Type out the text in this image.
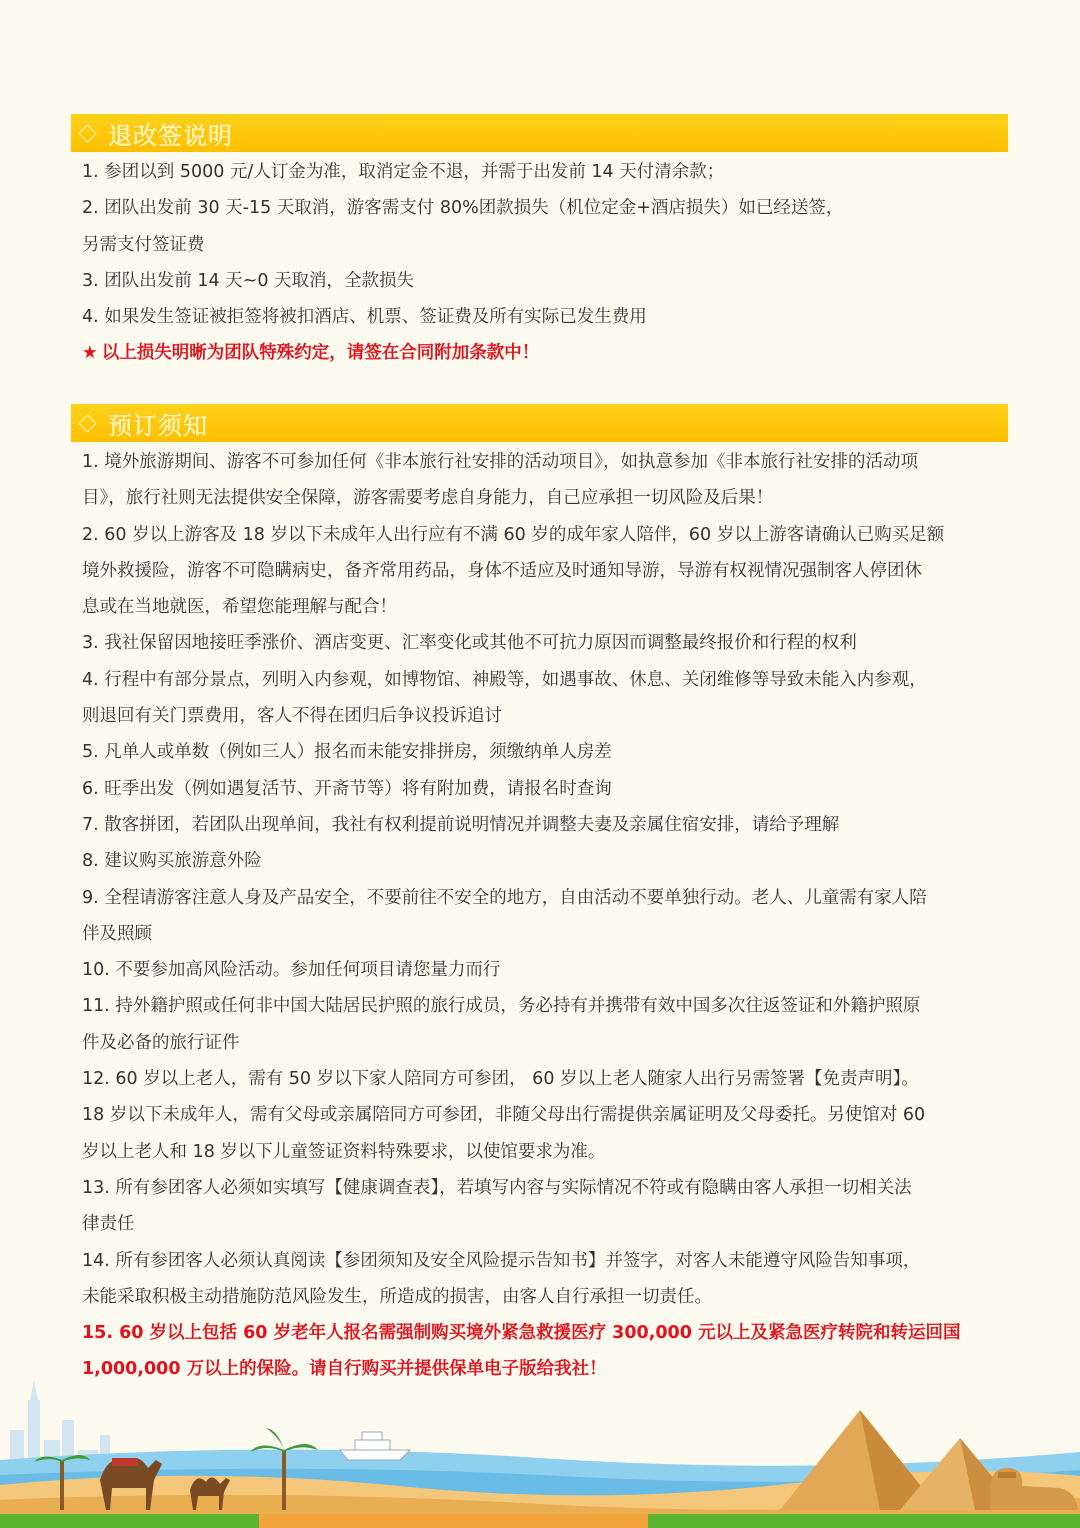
退改签说明
1. 参团以到 5000 元/人订金为准，取消定金不退，并需于出发前 14 天付清余款；
2. 团队出发前 30 天-15 天取消，游客需支付 80%团款损失（机位定金+酒店损失）如已经送签，
另需支付签证费
3. 团队出发前 14 天~0 天取消，全款损失
4. 如果发生签证被拒签将被扣酒店、机票、签证费及所有实际已发生费用
★ 以上损失明晰为团队特殊约定，请签在合同附加条款中！
预订须知
1. 境外旅游期间、游客不可参加任何《非本旅行社安排的活动项目》，如执意参加《非本旅行社安排的活动项
目》，旅行社则无法提供安全保障，游客需要考虑自身能力，自己应承担一切风险及后果！
2. 60 岁以上游客及 18 岁以下未成年人出行应有不满 60 岁的成年家人陪伴，60 岁以上游客请确认已购买足额
境外救援险，游客不可隐瞒病史，备齐常用药品，身体不适应及时通知导游，导游有权视情况强制客人停团休
息或在当地就医，希望您能理解与配合！
3. 我社保留因地接旺季涨价、酒店变更、汇率变化或其他不可抗力原因而调整最终报价和行程的权利
4. 行程中有部分景点，列明入内参观，如博物馆、神殿等，如遇事故、休息、关闭维修等导致未能入内参观，
则退回有关门票费用，客人不得在团归后争议投诉追讨
5. 凡单人或单数（例如三人）报名而未能安排拼房，须缴纳单人房差
6. 旺季出发（例如遇复活节、开斋节等）将有附加费，请报名时查询
7. 散客拼团，若团队出现单间，我社有权利提前说明情况并调整夫妻及亲属住宿安排，请给予理解
8. 建议购买旅游意外险
9. 全程请游客注意人身及产品安全，不要前往不安全的地方，自由活动不要单独行动。老人、儿童需有家人陪
伴及照顾
10. 不要参加高风险活动。参加任何项目请您量力而行
11. 持外籍护照或任何非中国大陆居民护照的旅行成员，务必持有并携带有效中国多次往返签证和外籍护照原
件及必备的旅行证件
12. 60 岁以上老人，需有 50 岁以下家人陪同方可参团， 60 岁以上老人随家人出行另需签署【免责声明】。
18 岁以下未成年人，需有父母或亲属陪同方可参团，非随父母出行需提供亲属证明及父母委托。另使馆对 60
岁以上老人和 18 岁以下儿童签证资料特殊要求，以使馆要求为准。
13. 所有参团客人必须如实填写【健康调查表】，若填写内容与实际情况不符或有隐瞒由客人承担一切相关法
律责任
14. 所有参团客人必须认真阅读【参团须知及安全风险提示告知书】并签字，对客人未能遵守风险告知事项，
未能采取积极主动措施防范风险发生，所造成的损害，由客人自行承担一切责任。
15. 60 岁以上包括 60 岁老年人报名需强制购买境外紧急救援医疗 300,000 元以上及紧急医疗转院和转运回国
1,000,000 万以上的保险。请自行购买并提供保单电子版给我社！
